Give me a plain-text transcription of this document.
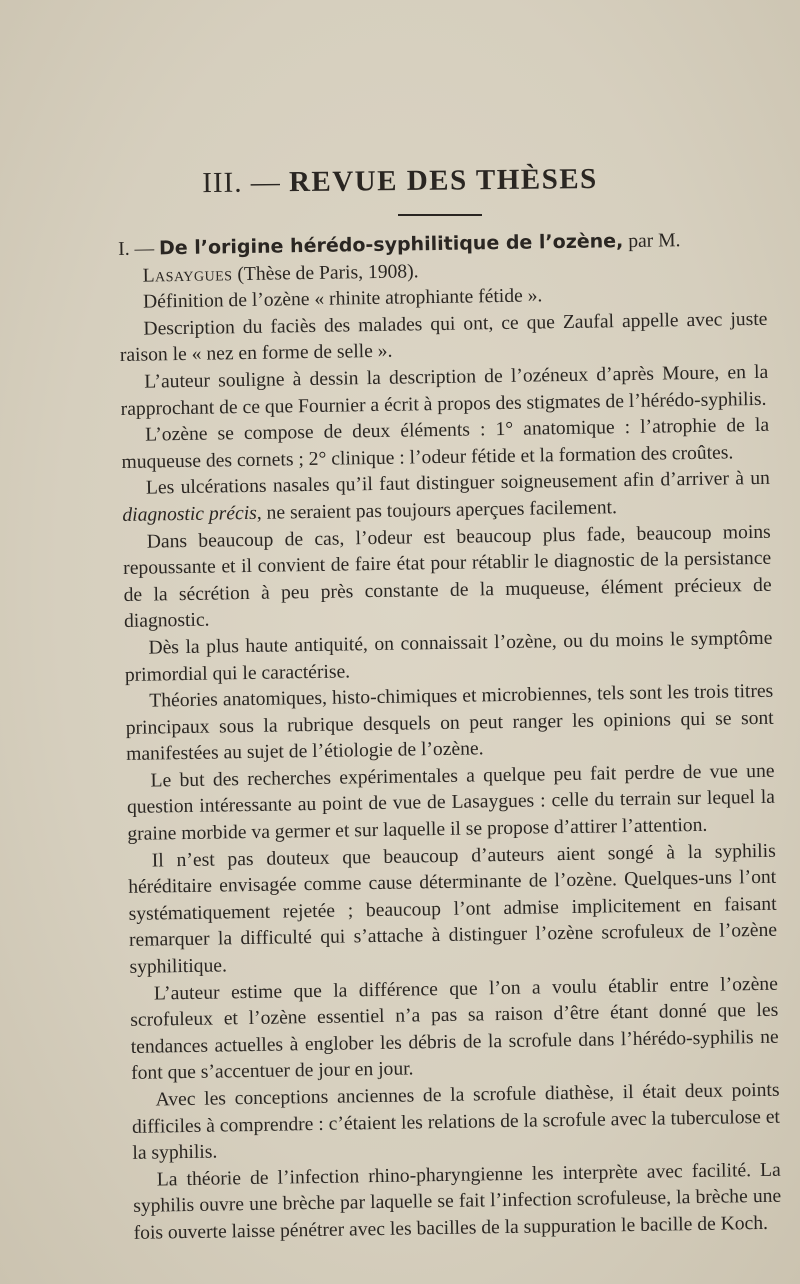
III. — REVUE DES THÈSES

I. — De l’origine hérédo-syphilitique de l’ozène, par M.
Lasaygues (Thèse de Paris, 1908).

Définition de l’ozène « rhinite atrophiante fétide ».

Description du faciès des malades qui ont, ce que Zaufal appelle avec juste raison le « nez en forme de selle ».

L’auteur souligne à dessin la description de l’ozéneux d’après Moure, en la rapprochant de ce que Fournier a écrit à propos des stigmates de l’hérédo-syphilis.

L’ozène se compose de deux éléments : 1° anatomique : l’atrophie de la muqueuse des cornets ; 2° clinique : l’odeur fétide et la formation des croûtes.

Les ulcérations nasales qu’il faut distinguer soigneusement afin d’arriver à un diagnostic précis, ne seraient pas toujours aperçues facilement.

Dans beaucoup de cas, l’odeur est beaucoup plus fade, beaucoup moins repoussante et il convient de faire état pour rétablir le diagnostic de la persistance de la sécrétion à peu près constante de la muqueuse, élément précieux de diagnostic.

Dès la plus haute antiquité, on connaissait l’ozène, ou du moins le symptôme primordial qui le caractérise.

Théories anatomiques, histo-chimiques et microbiennes, tels sont les trois titres principaux sous la rubrique desquels on peut ranger les opinions qui se sont manifestées au sujet de l’étiologie de l’ozène.

Le but des recherches expérimentales a quelque peu fait perdre de vue une question intéressante au point de vue de Lasaygues : celle du terrain sur lequel la graine morbide va germer et sur laquelle il se propose d’attirer l’attention.

Il n’est pas douteux que beaucoup d’auteurs aient songé à la syphilis héréditaire envisagée comme cause déterminante de l’ozène. Quelques-uns l’ont systématiquement rejetée ; beaucoup l’ont admise implicitement en faisant remarquer la difficulté qui s’attache à distinguer l’ozène scrofuleux de l’ozène syphilitique.

L’auteur estime que la différence que l’on a voulu établir entre l’ozène scrofuleux et l’ozène essentiel n’a pas sa raison d’être étant donné que les tendances actuelles à englober les débris de la scrofule dans l’hérédo-syphilis ne font que s’accentuer de jour en jour.

Avec les conceptions anciennes de la scrofule diathèse, il était deux points difficiles à comprendre : c’étaient les relations de la scrofule avec la tuberculose et la syphilis.

La théorie de l’infection rhino-pharyngienne les interprète avec facilité. La syphilis ouvre une brèche par laquelle se fait l’infection scrofuleuse, la brèche une fois ouverte laisse pénétrer avec les bacilles de la suppuration le bacille de Koch.
